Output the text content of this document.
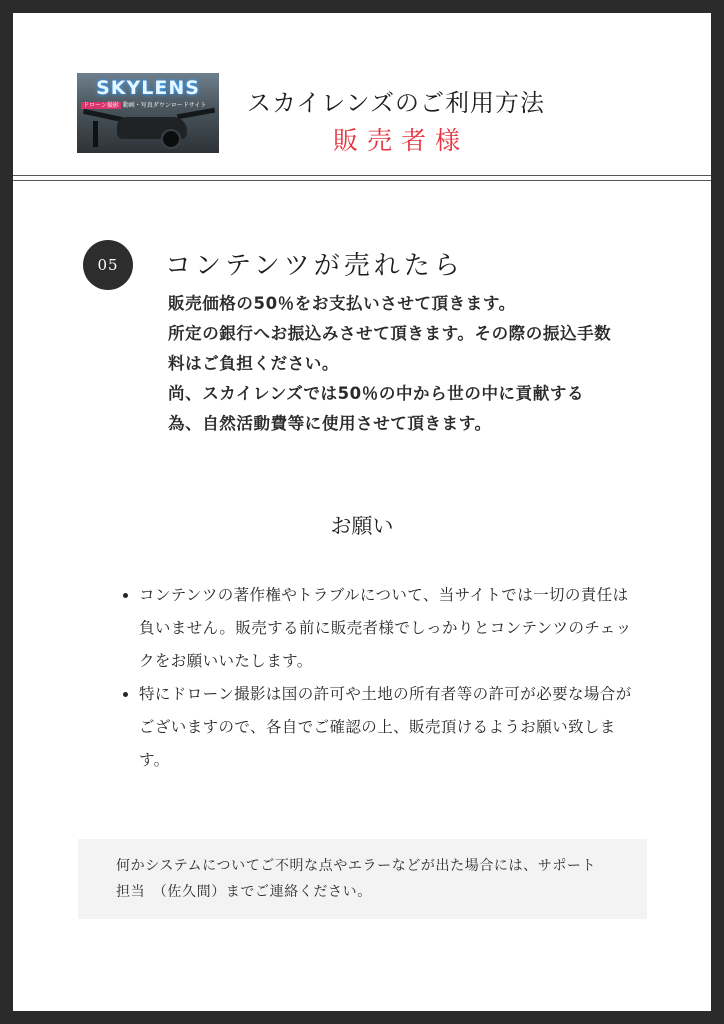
SKYLENS
ドローン撮影 動画・写真ダウンロードサイト	スカイレンズのご利用方法
販売者様
05	コンテンツが売れたら

販売価格の50％をお支払いさせて頂きます。

所定の銀行へお振込みさせて頂きます。その際の振込手数料はご負担ください。

尚、スカイレンズでは50％の中から世の中に貢献する為、自然活動費等に使用させて頂きます。

お願い
• コンテンツの著作権やトラブルについて、当サイトでは一切の責任は負いません。販売する前に販売者様でしっかりとコンテンツのチェックをお願いいたします。
• 特にドローン撮影は国の許可や土地の所有者等の許可が必要な場合がございますので、各自でご確認の上、販売頂けるようお願い致します。
何かシステムについてご不明な点やエラーなどが出た場合には、サポート担当　（佐久間）までご連絡ください。
